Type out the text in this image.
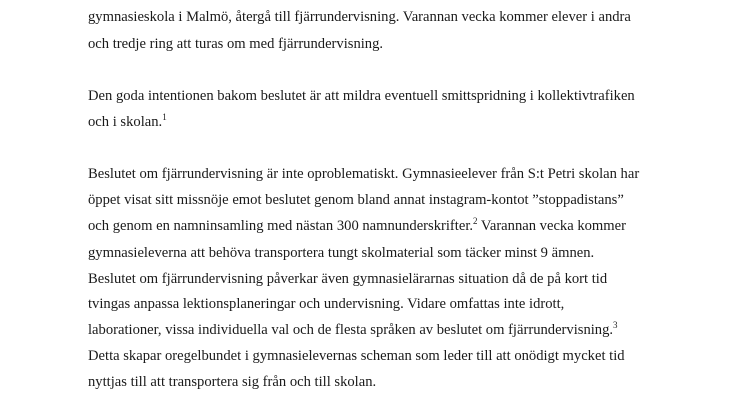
gymnasieskola i Malmö, återgå till fjärrundervisning. Varannan vecka kommer elever i andra
och tredje ring att turas om med fjärrundervisning.
Den goda intentionen bakom beslutet är att mildra eventuell smittspridning i kollektivtrafiken
och i skolan.$^1$
Beslutet om fjärrundervisning är inte oproblematiskt. Gymnasieelever från S:t Petri skolan har
öppet visat sitt missnöje emot beslutet genom bland annat instagram-kontot ”stoppadistans”
och genom en namninsamling med nästan 300 namnunderskrifter.$^2$ Varannan vecka kommer
gymnasieleverna att behöva transportera tungt skolmaterial som täcker minst 9 ämnen.
Beslutet om fjärrundervisning påverkar även gymnasielärarnas situation då de på kort tid
tvingas anpassa lektionsplaneringar och undervisning. Vidare omfattas inte idrott,
laborationer, vissa individuella val och de flesta språken av beslutet om fjärrundervisning.$^3$
Detta skapar oregelbundet i gymnasielevernas scheman som leder till att onödigt mycket tid
nyttjas till att transportera sig från och till skolan.
